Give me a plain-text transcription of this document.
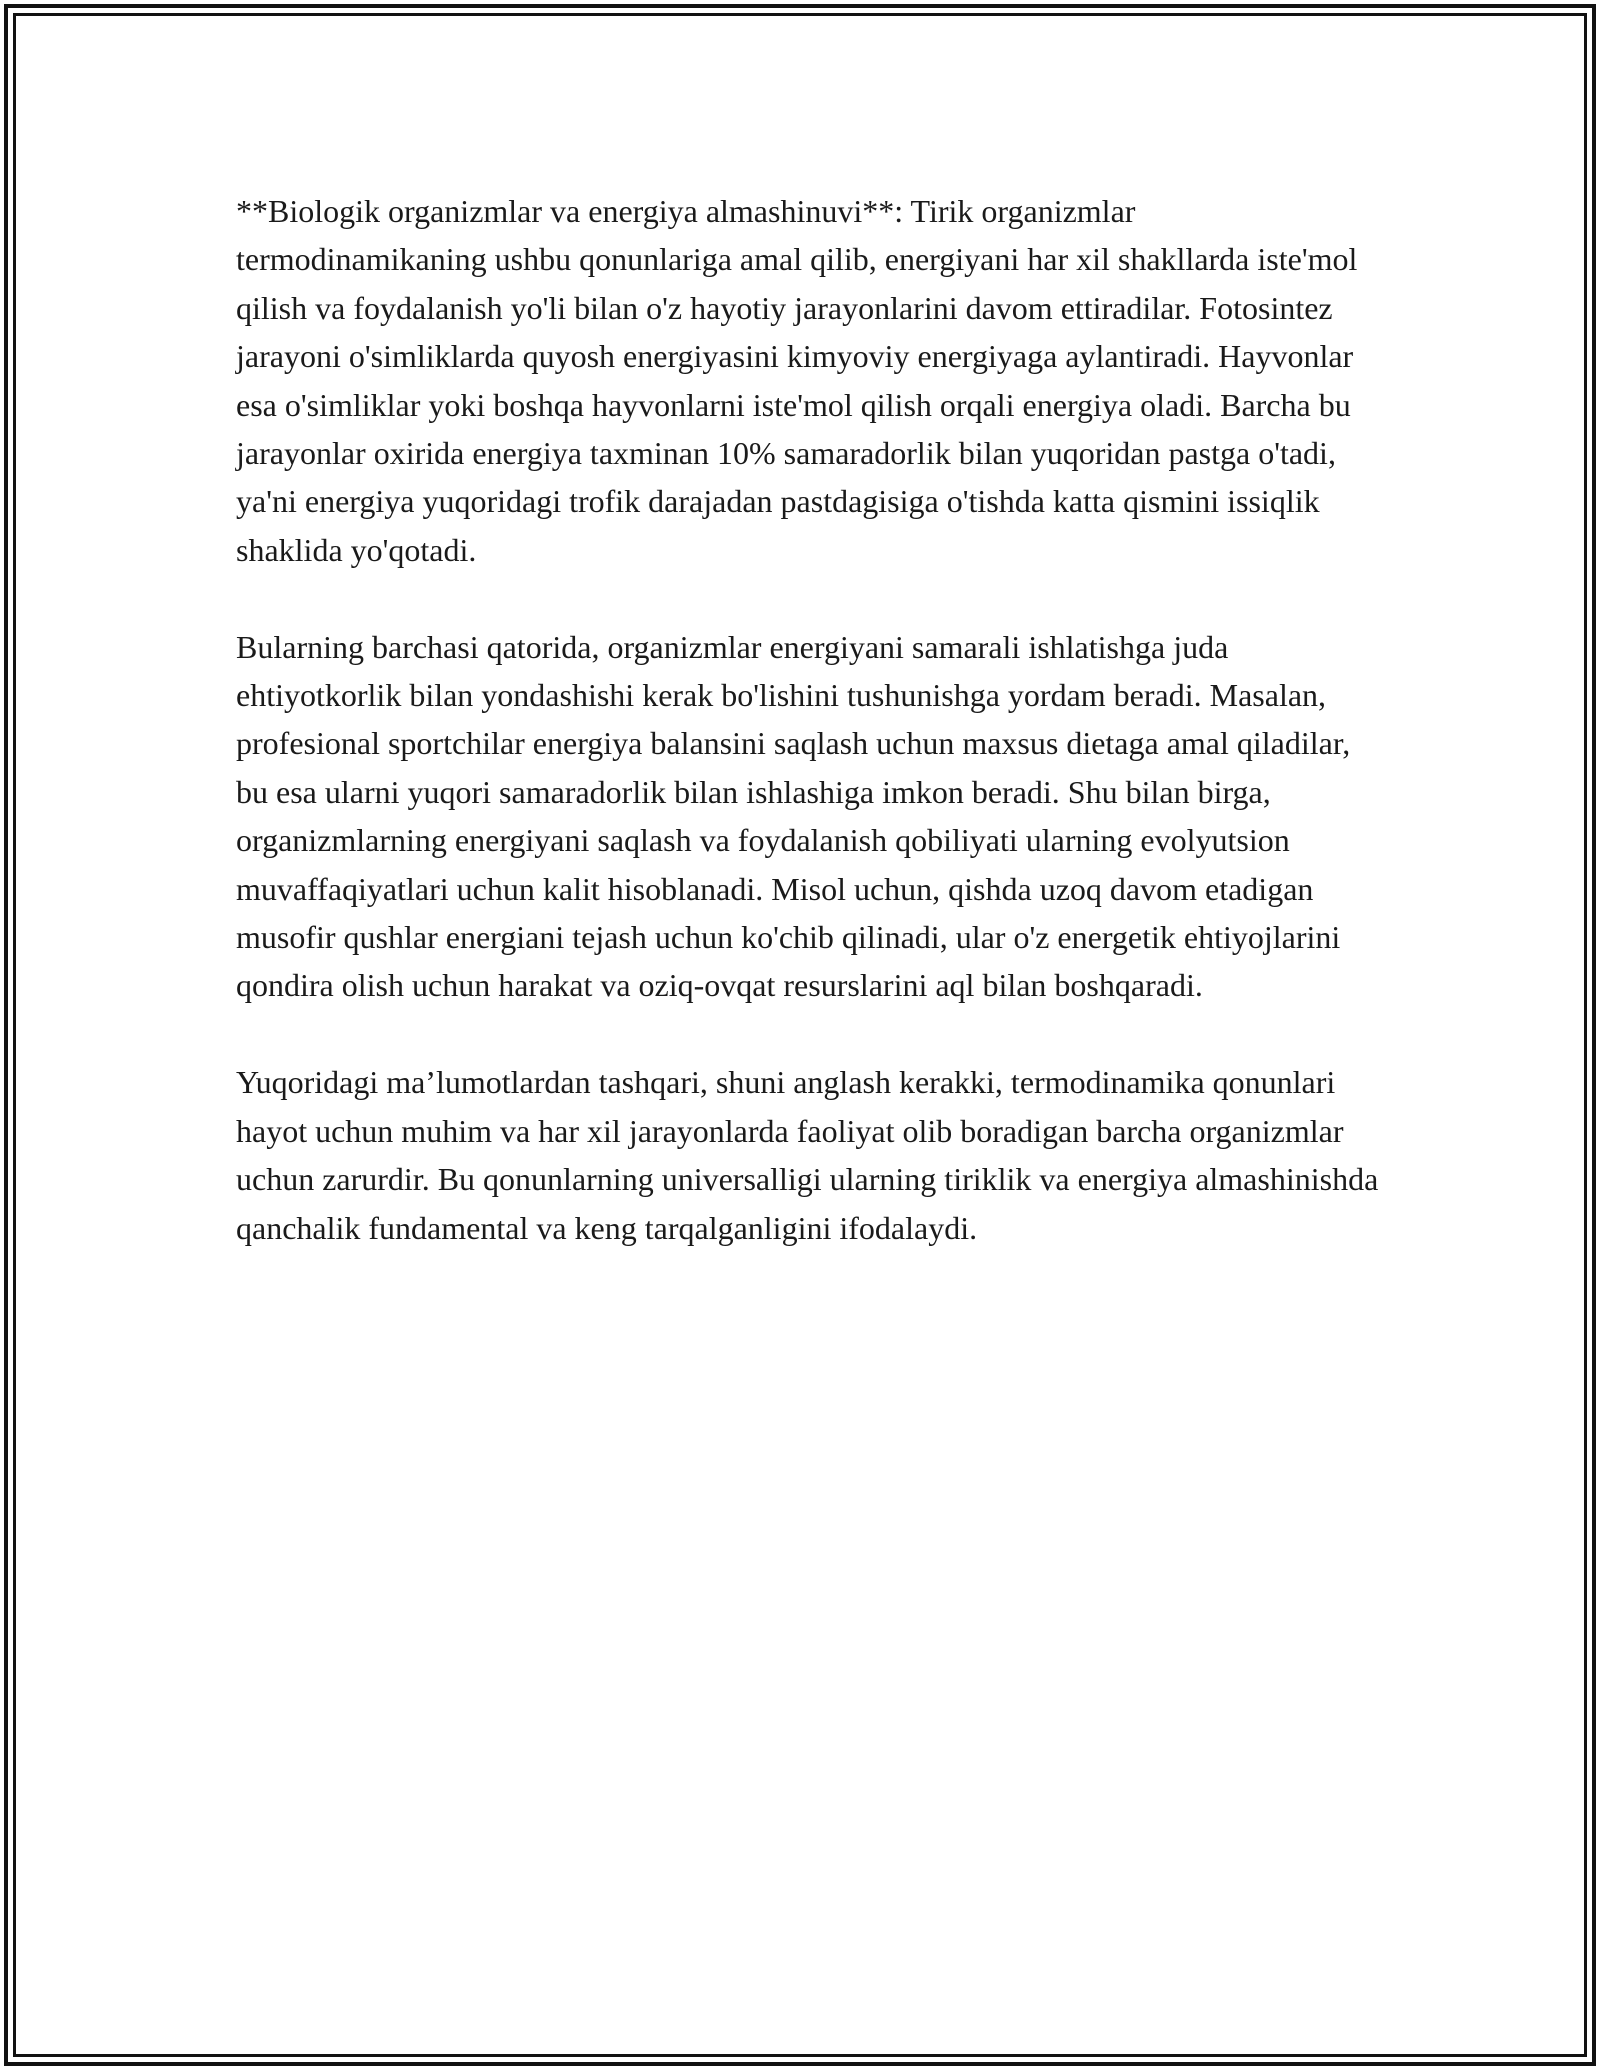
**Biologik organizmlar va energiya almashinuvi**: Tirik organizmlar termodinamikaning ushbu qonunlariga amal qilib, energiyani har xil shakllarda iste'mol qilish va foydalanish yo'li bilan o'z hayotiy jarayonlarini davom ettiradilar. Fotosintez jarayoni o'simliklarda quyosh energiyasini kimyoviy energiyaga aylantiradi. Hayvonlar esa o'simliklar yoki boshqa hayvonlarni iste'mol qilish orqali energiya oladi. Barcha bu jarayonlar oxirida energiya taxminan 10% samaradorlik bilan yuqoridan pastga o'tadi, ya'ni energiya yuqoridagi trofik darajadan pastdagisiga o'tishda katta qismini issiqlik shaklida yo'qotadi.

Bularning barchasi qatorida, organizmlar energiyani samarali ishlatishga juda ehtiyotkorlik bilan yondashishi kerak bo'lishini tushunishga yordam beradi. Masalan, profesional sportchilar energiya balansini saqlash uchun maxsus dietaga amal qiladilar, bu esa ularni yuqori samaradorlik bilan ishlashiga imkon beradi. Shu bilan birga, organizmlarning energiyani saqlash va foydalanish qobiliyati ularning evolyutsion muvaffaqiyatlari uchun kalit hisoblanadi. Misol uchun, qishda uzoq davom etadigan musofir qushlar energiani tejash uchun ko'chib qilinadi, ular o'z energetik ehtiyojlarini qondira olish uchun harakat va oziq-ovqat resurslarini aql bilan boshqaradi.

Yuqoridagi ma’lumotlardan tashqari, shuni anglash kerakki, termodinamika qonunlari hayot uchun muhim va har xil jarayonlarda faoliyat olib boradigan barcha organizmlar uchun zarurdir. Bu qonunlarning universalligi ularning tiriklik va energiya almashinishda qanchalik fundamental va keng tarqalganligini ifodalaydi.
